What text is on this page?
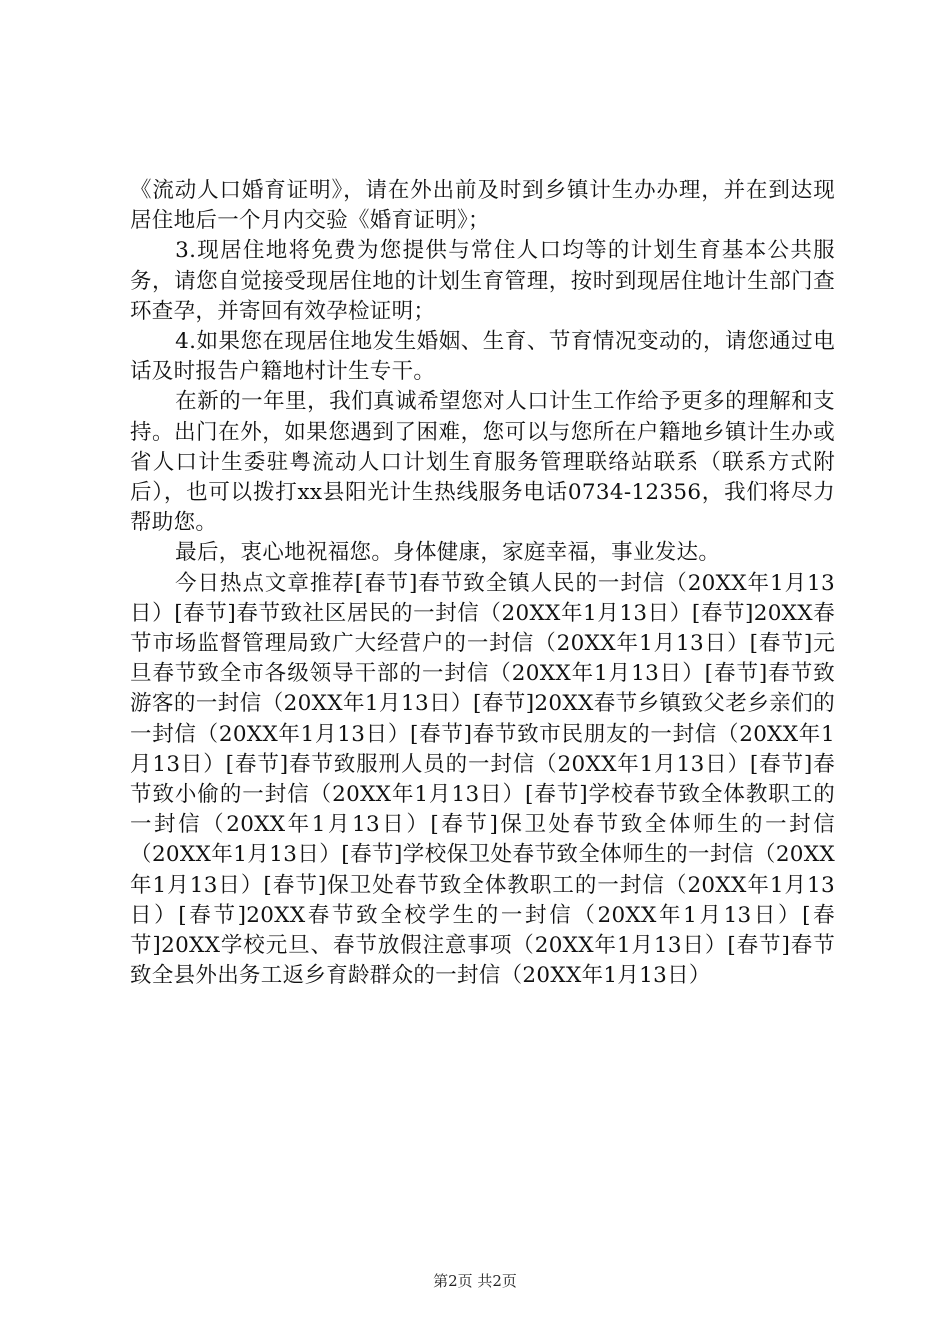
《流动人口婚育证明》，请在外出前及时到乡镇计生办办理，并在到达现居住地后一个月内交验《婚育证明》；

3.现居住地将免费为您提供与常住人口均等的计划生育基本公共服务，请您自觉接受现居住地的计划生育管理，按时到现居住地计生部门查环查孕，并寄回有效孕检证明；

4.如果您在现居住地发生婚姻、生育、节育情况变动的，请您通过电话及时报告户籍地村计生专干。

在新的一年里，我们真诚希望您对人口计生工作给予更多的理解和支持。出门在外，如果您遇到了困难，您可以与您所在户籍地乡镇计生办或省人口计生委驻粤流动人口计划生育服务管理联络站联系（联系方式附后），也可以拨打xx县阳光计生热线服务电话0734-12356，我们将尽力帮助您。

最后，衷心地祝福您。身体健康，家庭幸福，事业发达。

今日热点文章推荐[春节]春节致全镇人民的一封信（20XX年1月13日）[春节]春节致社区居民的一封信（20XX年1月13日）[春节]20XX春节市场监督管理局致广大经营户的一封信（20XX年1月13日）[春节]元旦春节致全市各级领导干部的一封信（20XX年1月13日）[春节]春节致游客的一封信（20XX年1月13日）[春节]20XX春节乡镇致父老乡亲们的一封信（20XX年1月13日）[春节]春节致市民朋友的一封信（20XX年1月13日）[春节]春节致服刑人员的一封信（20XX年1月13日）[春节]春节致小偷的一封信（20XX年1月13日）[春节]学校春节致全体教职工的一封信（20XX年1月13日）[春节]保卫处春节致全体师生的一封信（20XX年1月13日）[春节]学校保卫处春节致全体师生的一封信（20XX年1月13日）[春节]保卫处春节致全体教职工的一封信（20XX年1月13日）[春节]20XX春节致全校学生的一封信（20XX年1月13日）[春节]20XX学校元旦、春节放假注意事项（20XX年1月13日）[春节]春节致全县外出务工返乡育龄群众的一封信（20XX年1月13日）

第2页 共2页
